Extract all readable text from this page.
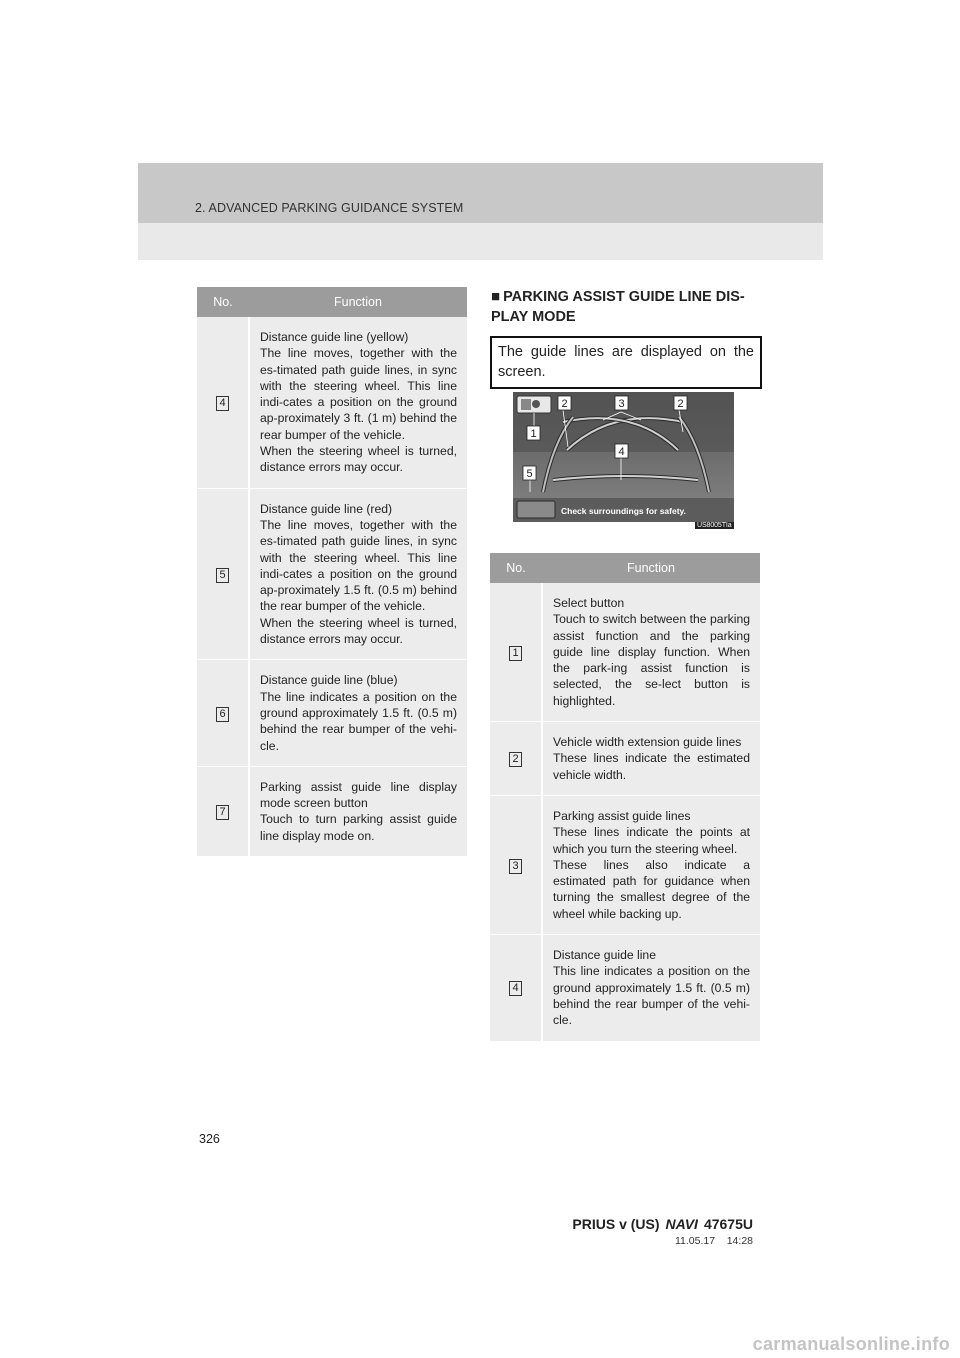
2. ADVANCED PARKING GUIDANCE SYSTEM
No.	Function
4	Distance guide line (yellow)
The line moves, together with the es-timated path guide lines, in sync with the steering wheel. This line indi-cates a position on the ground ap-proximately 3 ft. (1 m) behind the rear bumper of the vehicle.
When the steering wheel is turned, distance errors may occur.

5	Distance guide line (red)
The line moves, together with the es-timated path guide lines, in sync with the steering wheel. This line indi-cates a position on the ground ap-proximately 1.5 ft. (0.5 m) behind the rear bumper of the vehicle.
When the steering wheel is turned, distance errors may occur.

6	Distance guide line (blue)
The line indicates a position on the ground approximately 1.5 ft. (0.5 m) behind the rear bumper of the vehi-cle.

7	Parking assist guide line display mode screen button
Touch to turn parking assist guide line display mode on.
■ PARKING ASSIST GUIDE LINE DIS-PLAY MODE
The guide lines are displayed on the screen.
Check surroundings for safety.
1
2	3	2
4
5
US8005TIa
No.	Function
1	Select button
Touch to switch between the parking assist function and the parking guide line display function. When the park-ing assist function is selected, the se-lect button is highlighted.

2	Vehicle width extension guide lines
These lines indicate the estimated vehicle width.

3	Parking assist guide lines
These lines indicate the points at which you turn the steering wheel.
These lines also indicate a estimated path for guidance when turning the smallest degree of the wheel while backing up.

4	Distance guide line
This line indicates a position on the ground approximately 1.5 ft. (0.5 m) behind the rear bumper of the vehi-cle.
326
PRIUS v (US) NAVI 47675U
11.05.17 14:28
carmanualsonline.info
